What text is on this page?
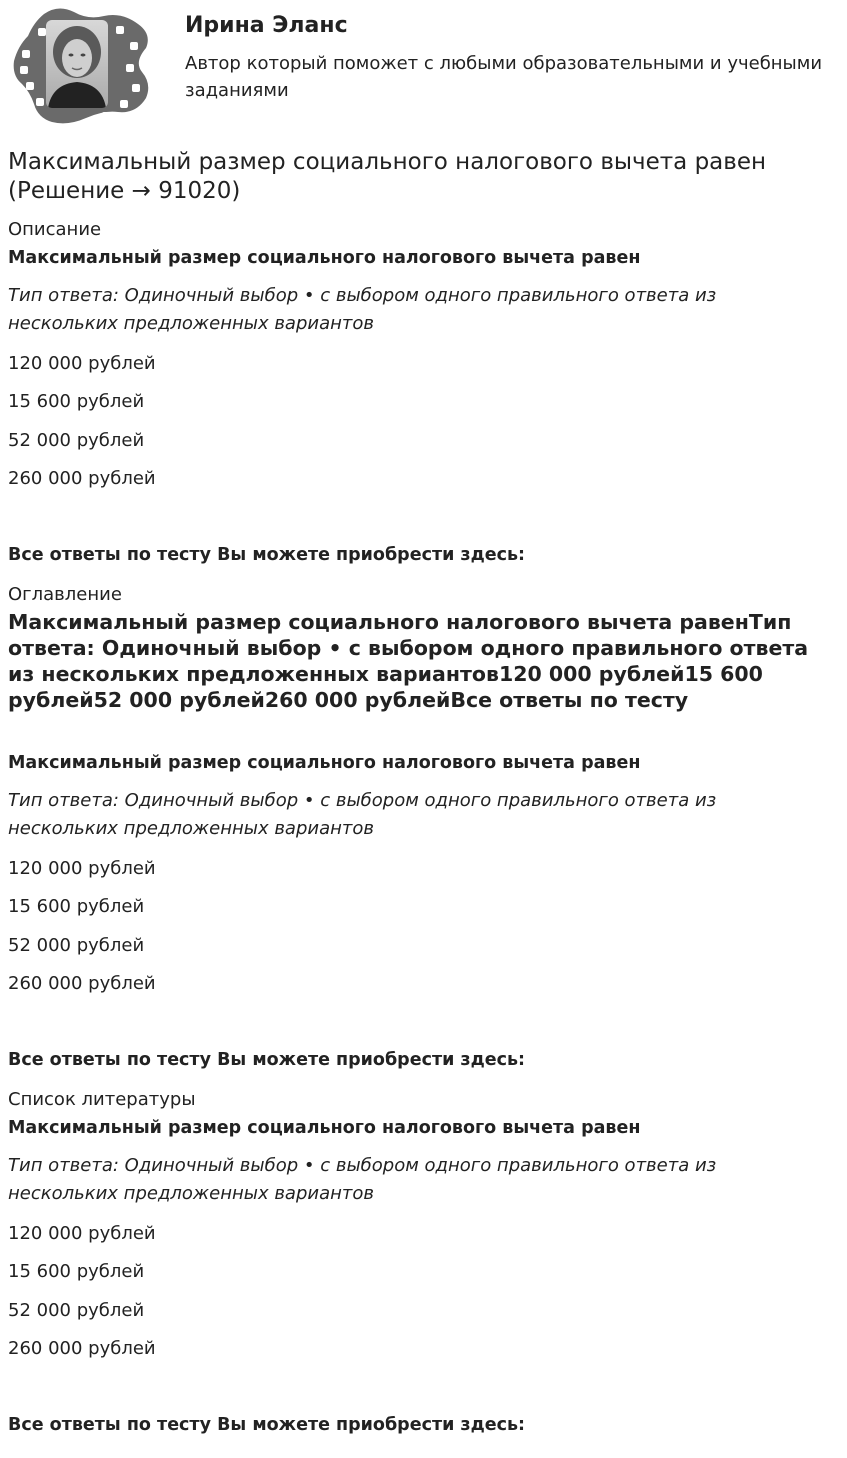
Ирина Эланс
Автор который поможет с любыми образовательными и учебными заданиями
Максимальный размер социального налогового вычета равен (Решение → 91020)
Описание
Максимальный размер социального налогового вычета равен
Тип ответа: Одиночный выбор • с выбором одного правильного ответа из нескольких предложенных вариантов
120 000 рублей
15 600 рублей
52 000 рублей
260 000 рублей
Все ответы по тесту Вы можете приобрести здесь:
Оглавление
Максимальный размер социального налогового вычета равенТип ответа: Одиночный выбор • с выбором одного правильного ответа из нескольких предложенных вариантов120 000 рублей15 600 рублей52 000 рублей260 000 рублейВсе ответы по тесту
Максимальный размер социального налогового вычета равен
Тип ответа: Одиночный выбор • с выбором одного правильного ответа из нескольких предложенных вариантов
120 000 рублей
15 600 рублей
52 000 рублей
260 000 рублей
Все ответы по тесту Вы можете приобрести здесь:
Список литературы
Максимальный размер социального налогового вычета равен
Тип ответа: Одиночный выбор • с выбором одного правильного ответа из нескольких предложенных вариантов
120 000 рублей
15 600 рублей
52 000 рублей
260 000 рублей
Все ответы по тесту Вы можете приобрести здесь:
